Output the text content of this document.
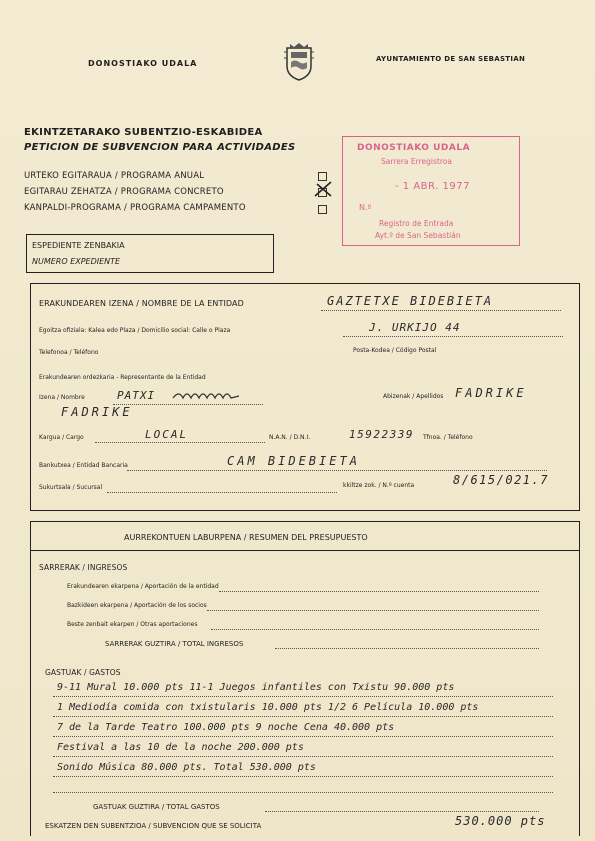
DONOSTIAKO UDALA	AYUNTAMIENTO DE SAN SEBASTIAN
EKINTZETARAKO SUBENTZIO-ESKABIDEA
PETICION DE SUBVENCION PARA ACTIVIDADES
URTEKO EGITARAUA / PROGRAMA ANUAL
EGITARAU ZEHATZA / PROGRAMA CONCRETO
KANPALDI-PROGRAMA / PROGRAMA CAMPAMENTO
DONOSTIAKO UDALA
Sarrera Erregistroa
- 1 ABR. 1977
N.º
Registro de Entrada
Ayt.º de San Sebastián
ESPEDIENTE ZENBAKIA
NUMERO EXPEDIENTE
ERAKUNDEAREN IZENA / NOMBRE DE LA ENTIDAD	GAZTETXE BIDEBIETA
Egoitza ofiziala: Kalea edo Plaza / Domicilio social: Calle o Plaza	J. URKIJO 44
Telefonoa / Teléfono	Posta-Kodea / Código Postal
Erakundearen ordezkaria - Representante de la Entidad
Izena / Nombre	PATXI	Abizenak / Apellidos FADRIKE
FADRIKE
Kargua / Cargo	LOCAL	N.A.N. / D.N.I.	15922339 Tfnoa. / Teléfono
Bankutxea / Entidad Bancaria	CAM BIDEBIETA
Sukurtsala / Sucursal	kkiltze zok. / N.º cuenta	8/615/021.7
AURREKONTUEN LABURPENA / RESUMEN DEL PRESUPUESTO
SARRERAK / INGRESOS
Erakundearen ekarpena / Aportación de la entidad
Bazkideen ekarpena / Aportación de los socios
Beste zenbait ekarpen / Otras aportaciones
SARRERAK GUZTIRA / TOTAL INGRESOS
GASTUAK / GASTOS
9-11 Mural 10.000 pts 11-1 Juegos infantiles con Txistu 90.000 pts
1 Mediodía comida con txistularis 10.000 pts 1/2 6 Película 10.000 pts
7 de la Tarde Teatro 100.000 pts 9 noche Cena 40.000 pts
Festival a las 10 de la noche 200.000 pts
Sonido Música 80.000 pts. Total 530.000 pts
GASTUAK GUZTIRA / TOTAL GASTOS
ESKATZEN DEN SUBENTZIOA / SUBVENCION QUE SE SOLICITA	530.000 pts
